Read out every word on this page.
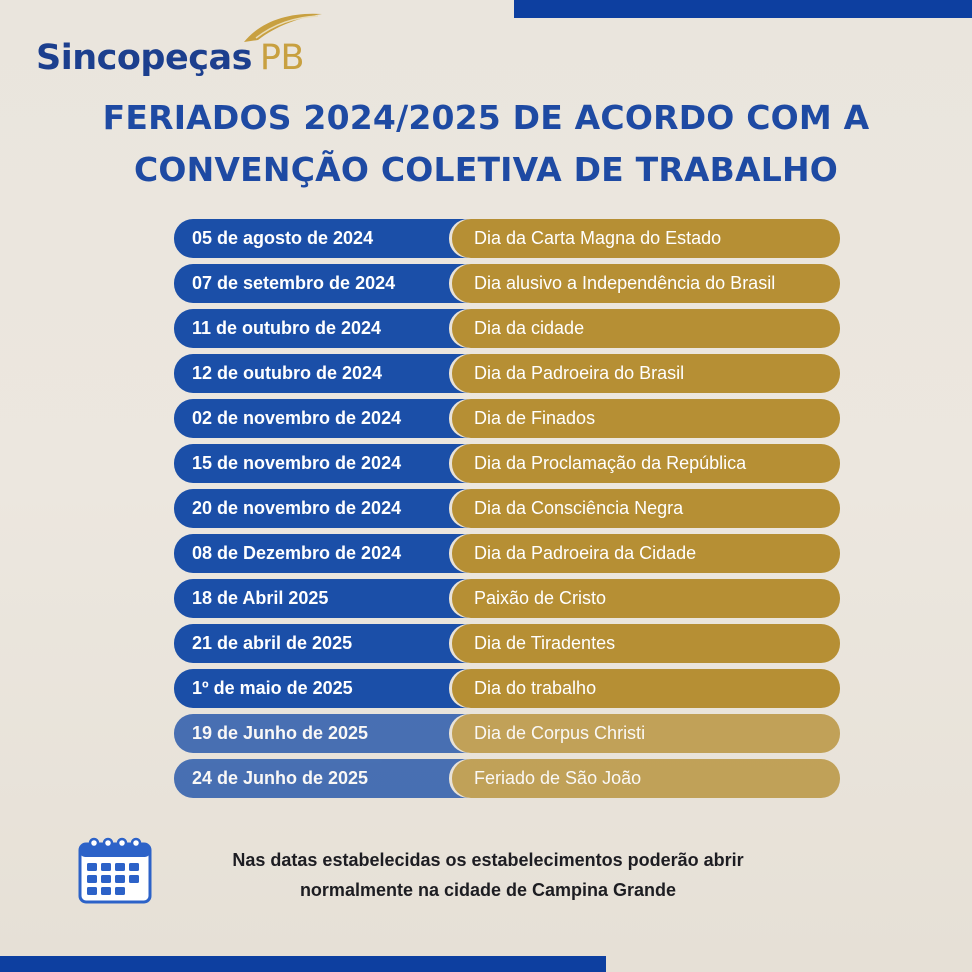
Sincopeças PB
FERIADOS 2024/2025 DE ACORDO COM A
CONVENÇÃO COLETIVA DE TRABALHO
05 de agosto de 2024	Dia da Carta Magna do Estado
07 de setembro de 2024	Dia alusivo a Independência do Brasil
11 de outubro de 2024	Dia da cidade
12 de outubro de 2024	Dia da Padroeira do Brasil
02 de novembro de 2024	Dia de Finados
15 de novembro de 2024	Dia da Proclamação da República
20 de novembro de 2024	Dia da Consciência Negra
08 de Dezembro de 2024	Dia da Padroeira da Cidade
18 de Abril 2025	Paixão de Cristo
21 de abril de 2025	Dia de Tiradentes
1º de maio de 2025	Dia do trabalho
19 de Junho de 2025	Dia de Corpus Christi
24 de Junho de 2025	Feriado de São João
Nas datas estabelecidas os estabelecimentos poderão abrir
normalmente na cidade de Campina Grande
